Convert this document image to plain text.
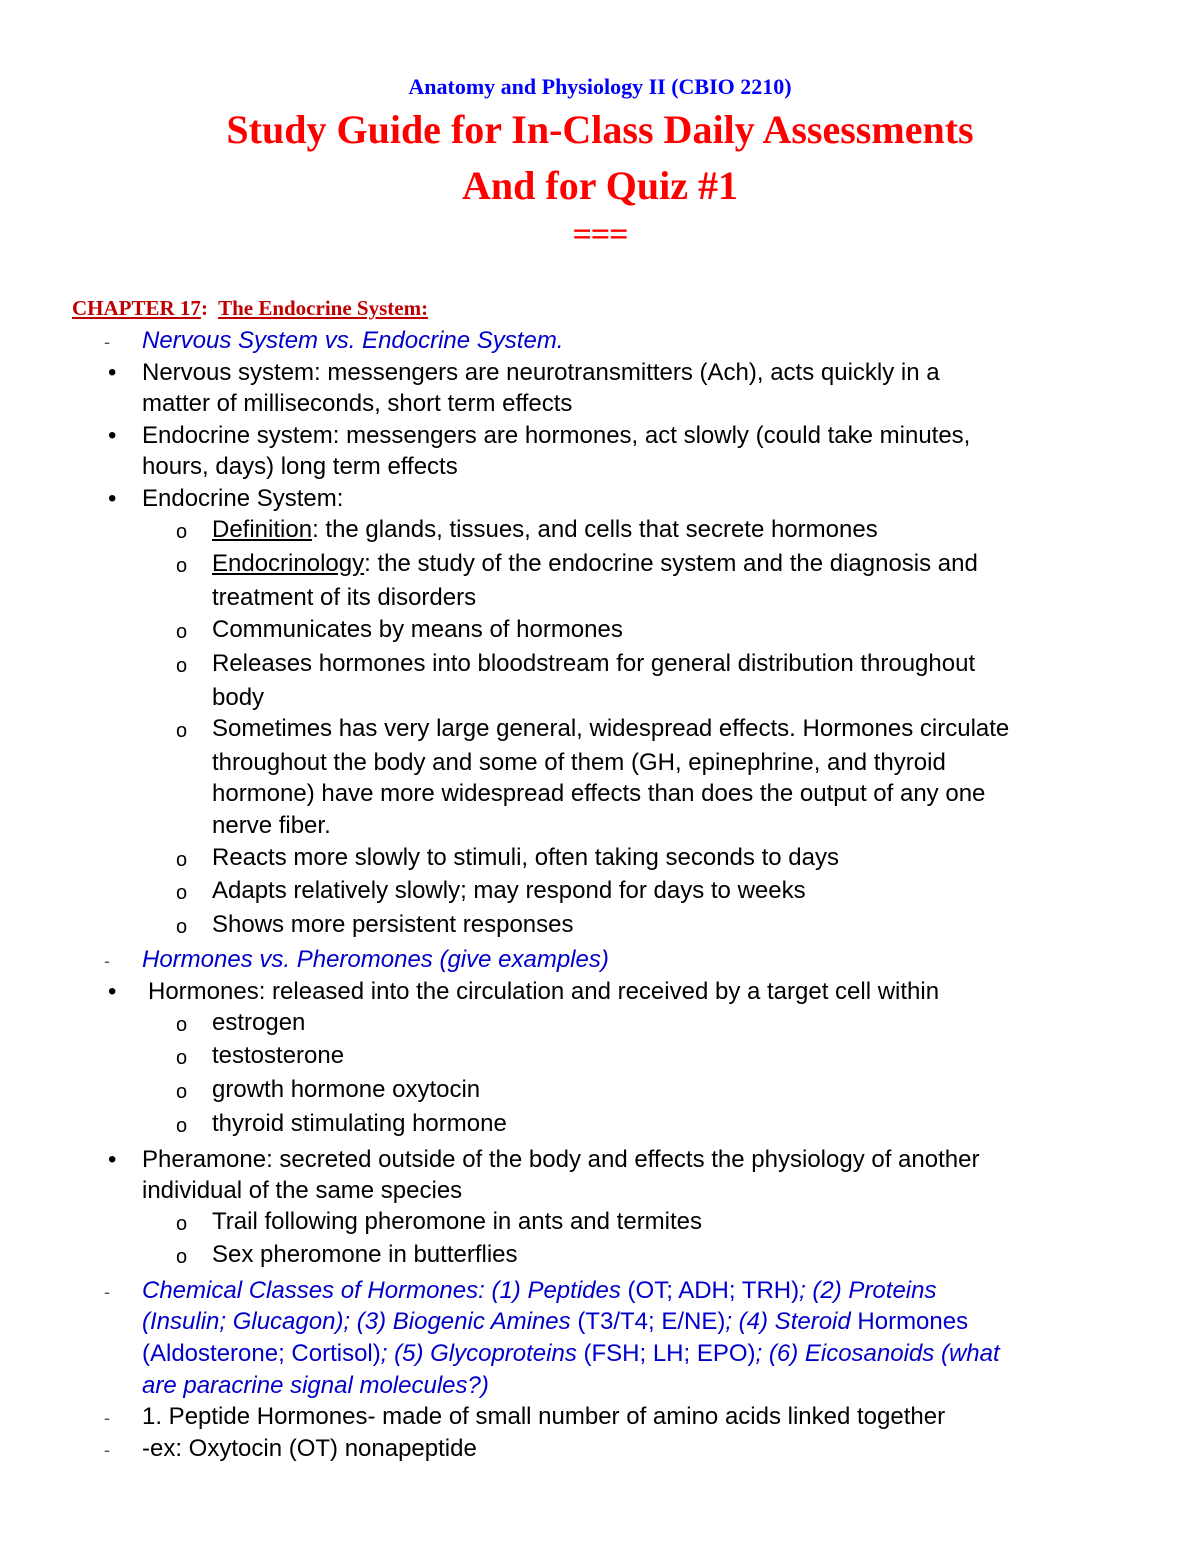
Anatomy and Physiology II (CBIO 2210)
Study Guide for In-Class Daily Assessments
And for Quiz #1
===
CHAPTER 17: The Endocrine System:
- Nervous System vs. Endocrine System.
• Nervous system: messengers are neurotransmitters (Ach), acts quickly in a
matter of milliseconds, short term effects
• Endocrine system: messengers are hormones, act slowly (could take minutes,
hours, days) long term effects
• Endocrine System:
o Definition: the glands, tissues, and cells that secrete hormones
o Endocrinology: the study of the endocrine system and the diagnosis and
treatment of its disorders
o Communicates by means of hormones
o Releases hormones into bloodstream for general distribution throughout
body
o Sometimes has very large general, widespread effects. Hormones circulate
throughout the body and some of them (GH, epinephrine, and thyroid
hormone) have more widespread effects than does the output of any one
nerve fiber.
o Reacts more slowly to stimuli, often taking seconds to days
o Adapts relatively slowly; may respond for days to weeks
o Shows more persistent responses
- Hormones vs. Pheromones (give examples)
• Hormones: released into the circulation and received by a target cell within
o estrogen
o testosterone
o growth hormone oxytocin
o thyroid stimulating hormone
• Pheramone: secreted outside of the body and effects the physiology of another
individual of the same species
o Trail following pheromone in ants and termites
o Sex pheromone in butterflies
- Chemical Classes of Hormones: (1) Peptides (OT; ADH; TRH); (2) Proteins
(Insulin; Glucagon); (3) Biogenic Amines (T3/T4; E/NE); (4) Steroid Hormones
(Aldosterone; Cortisol); (5) Glycoproteins (FSH; LH; EPO); (6) Eicosanoids (what
are paracrine signal molecules?)
- 1. Peptide Hormones- made of small number of amino acids linked together
- -ex: Oxytocin (OT) nonapeptide
